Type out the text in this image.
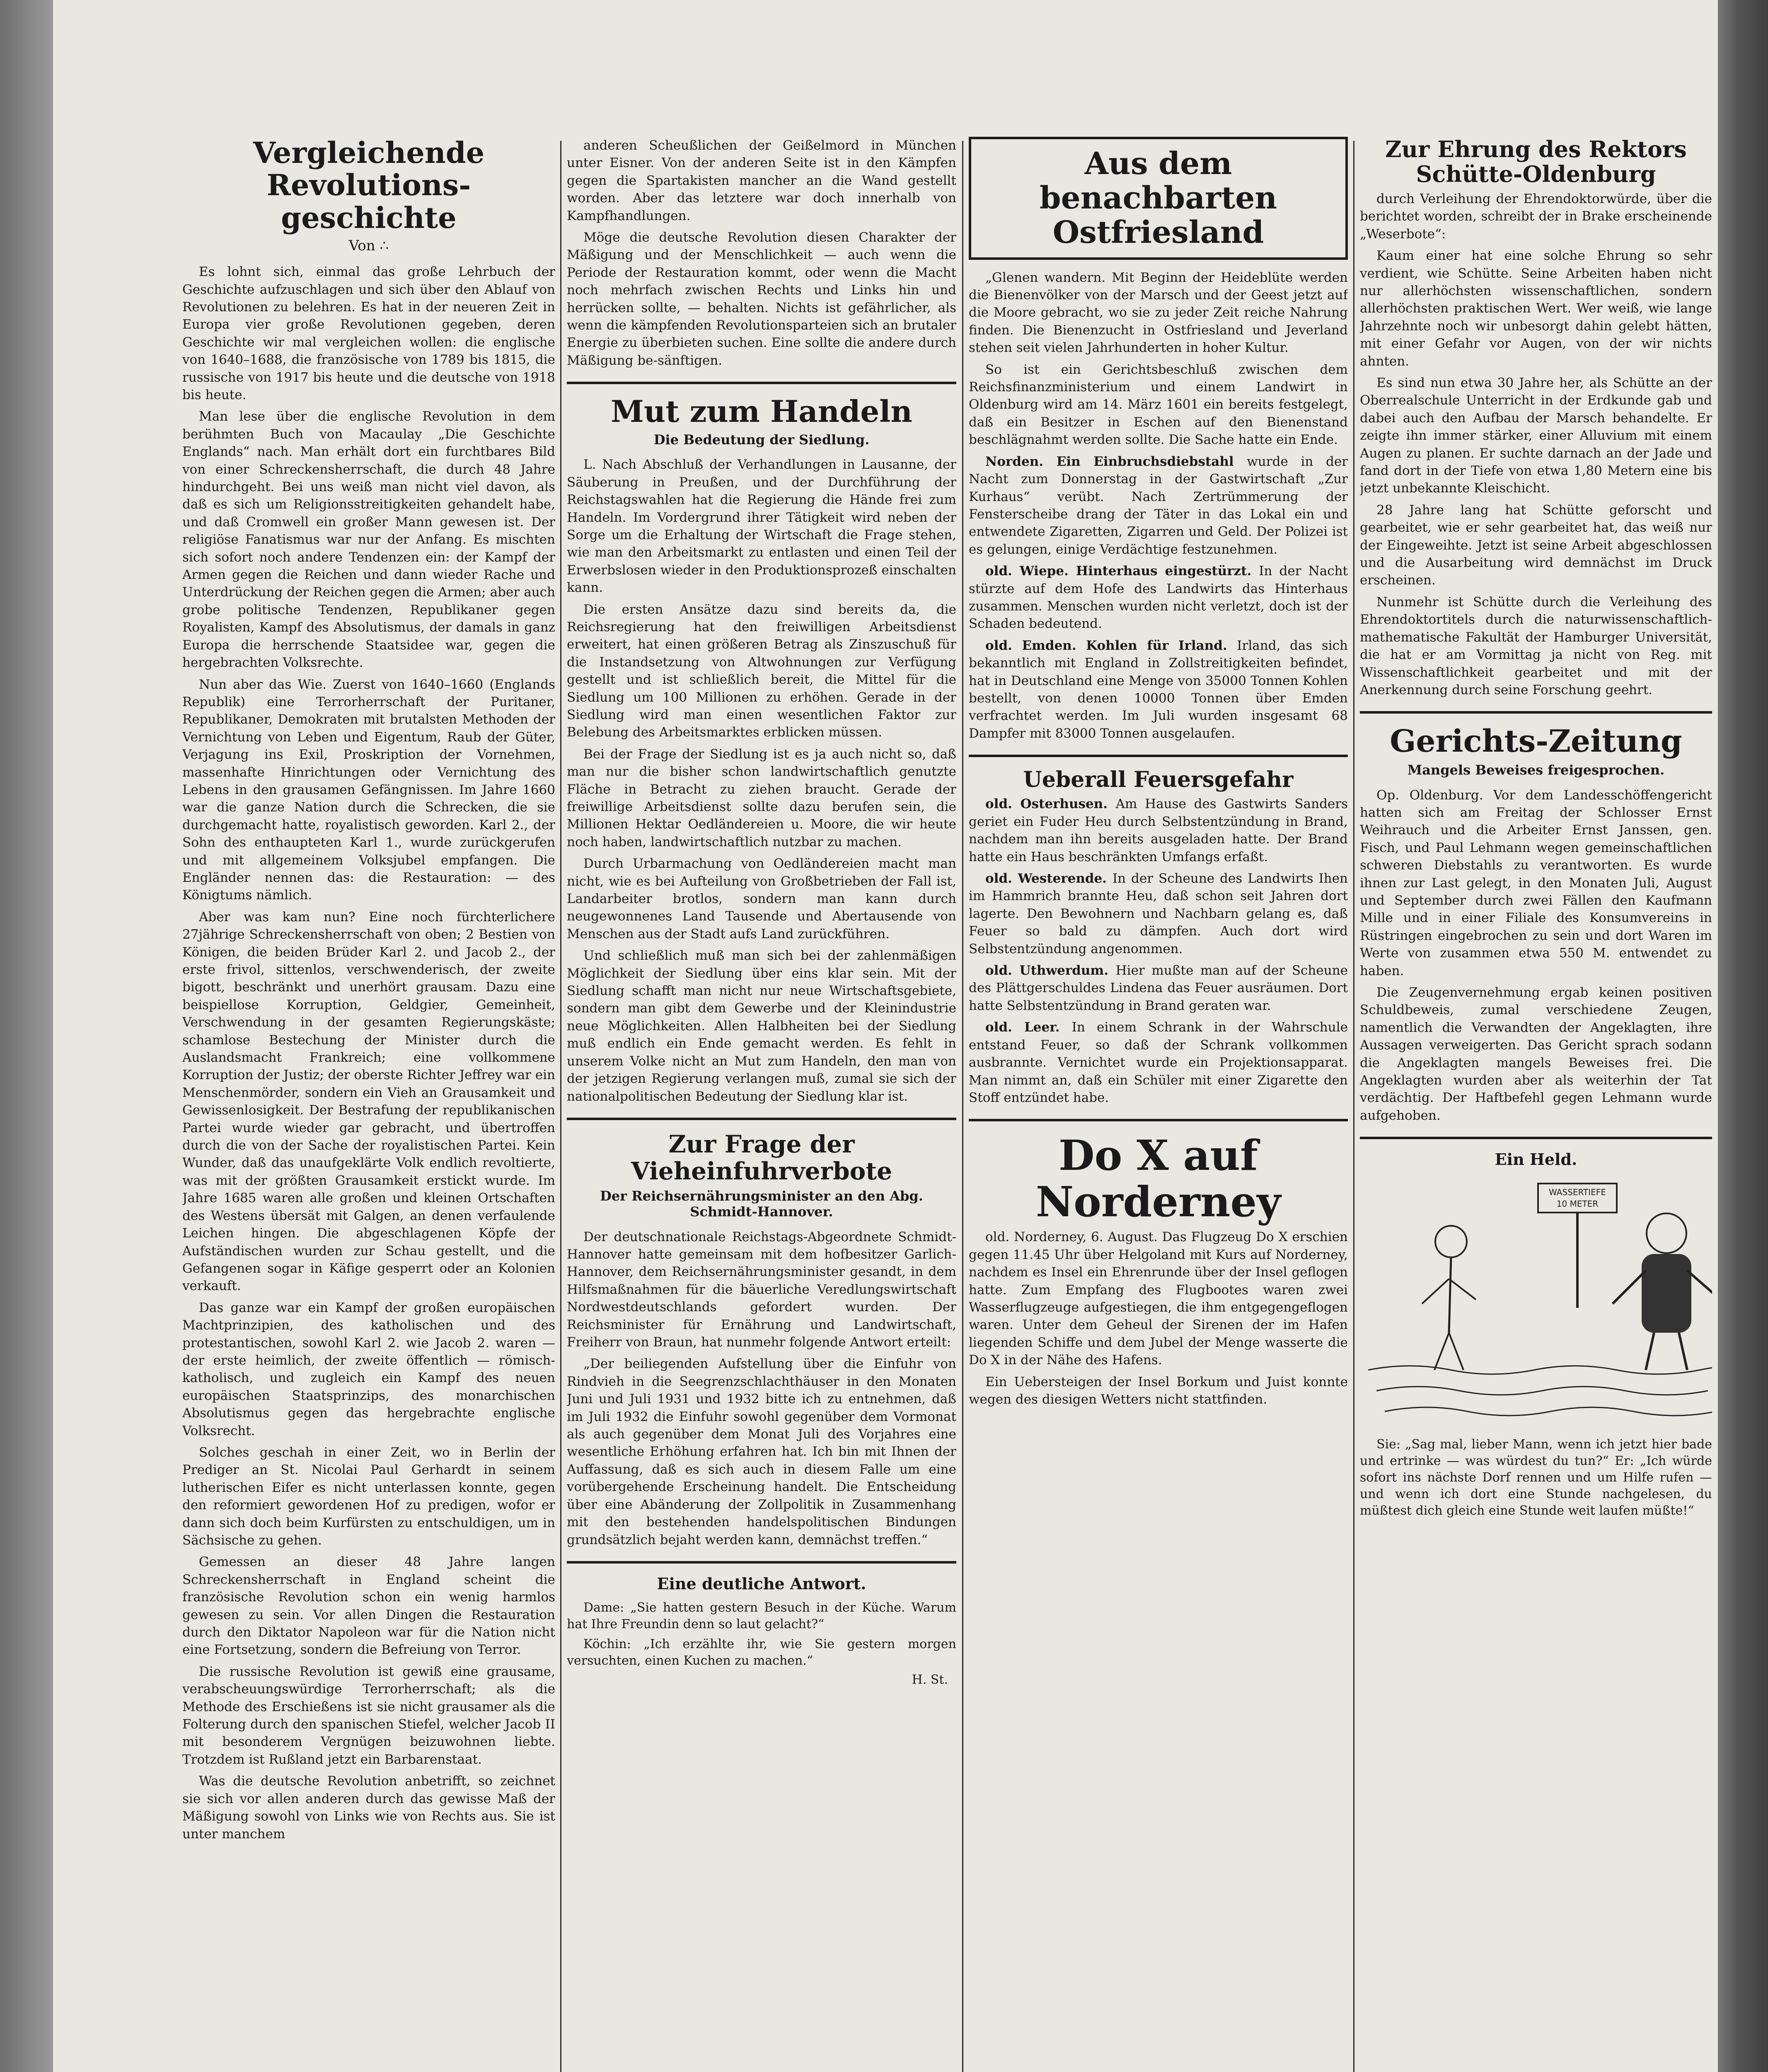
Vergleichende Revolutions-geschichte
Von ∴

Es lohnt sich, einmal das große Lehrbuch der Geschichte aufzuschlagen und sich über den Ablauf von Revolutionen zu belehren. Es hat in der neueren Zeit in Europa vier große Revolutionen gegeben, deren Geschichte wir mal vergleichen wollen: die englische von 1640–1688, die französische von 1789 bis 1815, die russische von 1917 bis heute und die deutsche von 1918 bis heute.

Man lese über die englische Revolution in dem berühmten Buch von Macaulay „Die Geschichte Englands“ nach. Man erhält dort ein furchtbares Bild von einer Schreckensherrschaft, die durch 48 Jahre hindurchgeht. Bei uns weiß man nicht viel davon, als daß es sich um Religionsstreitigkeiten gehandelt habe, und daß Cromwell ein großer Mann gewesen ist. Der religiöse Fanatismus war nur der Anfang. Es mischten sich sofort noch andere Tendenzen ein: der Kampf der Armen gegen die Reichen und dann wieder Rache und Unterdrückung der Reichen gegen die Armen; aber auch grobe politische Tendenzen, Republikaner gegen Royalisten, Kampf des Absolutismus, der damals in ganz Europa die herrschende Staatsidee war, gegen die hergebrachten Volksrechte.

Nun aber das Wie. Zuerst von 1640–1660 (Englands Republik) eine Terrorherrschaft der Puritaner, Republikaner, Demokraten mit brutalsten Methoden der Vernichtung von Leben und Eigentum, Raub der Güter, Verjagung ins Exil, Proskription der Vornehmen, massenhafte Hinrichtungen oder Vernichtung des Lebens in den grausamen Gefängnissen. Im Jahre 1660 war die ganze Nation durch die Schrecken, die sie durchgemacht hatte, royalistisch geworden. Karl 2., der Sohn des enthaupteten Karl 1., wurde zurückgerufen und mit allgemeinem Volksjubel empfangen. Die Engländer nennen das: die Restauration: — des Königtums nämlich.

Aber was kam nun? Eine noch fürchterlichere 27jährige Schreckensherrschaft von oben; 2 Bestien von Königen, die beiden Brüder Karl 2. und Jacob 2., der erste frivol, sittenlos, verschwenderisch, der zweite bigott, beschränkt und unerhört grausam. Dazu eine beispiellose Korruption, Geldgier, Gemeinheit, Verschwendung in der gesamten Regierungskäste; schamlose Bestechung der Minister durch die Auslandsmacht Frankreich; eine vollkommene Korruption der Justiz; der oberste Richter Jeffrey war ein Menschenmörder, sondern ein Vieh an Grausamkeit und Gewissenlosigkeit. Der Bestrafung der republikanischen Partei wurde wieder gar gebracht, und übertroffen durch die von der Sache der royalistischen Partei. Kein Wunder, daß das unaufgeklärte Volk endlich revoltierte, was mit der größten Grausamkeit erstickt wurde. Im Jahre 1685 waren alle großen und kleinen Ortschaften des Westens übersät mit Galgen, an denen verfaulende Leichen hingen. Die abgeschlagenen Köpfe der Aufständischen wurden zur Schau gestellt, und die Gefangenen sogar in Käfige gesperrt oder an Kolonien verkauft.

Das ganze war ein Kampf der großen europäischen Machtprinzipien, des katholischen und des protestantischen, sowohl Karl 2. wie Jacob 2. waren — der erste heimlich, der zweite öffentlich — römisch-katholisch, und zugleich ein Kampf des neuen europäischen Staatsprinzips, des monarchischen Absolutismus gegen das hergebrachte englische Volksrecht.

Solches geschah in einer Zeit, wo in Berlin der Prediger an St. Nicolai Paul Gerhardt in seinem lutherischen Eifer es nicht unterlassen konnte, gegen den reformiert gewordenen Hof zu predigen, wofor er dann sich doch beim Kurfürsten zu entschuldigen, um in Sächsische zu gehen.

Gemessen an dieser 48 Jahre langen Schreckensherrschaft in England scheint die französische Revolution schon ein wenig harmlos gewesen zu sein. Vor allen Dingen die Restauration durch den Diktator Napoleon war für die Nation nicht eine Fortsetzung, sondern die Befreiung von Terror.

Die russische Revolution ist gewiß eine grausame, verabscheuungswürdige Terrorherrschaft; als die Methode des Erschießens ist sie nicht grausamer als die Folterung durch den spanischen Stiefel, welcher Jacob II mit besonderem Vergnügen beizuwohnen liebte. Trotzdem ist Rußland jetzt ein Barbarenstaat.

Was die deutsche Revolution anbetrifft, so zeichnet sie sich vor allen anderen durch das gewisse Maß der Mäßigung sowohl von Links wie von Rechts aus. Sie ist unter manchem

anderen Scheußlichen der Geißelmord in München unter Eisner. Von der anderen Seite ist in den Kämpfen gegen die Spartakisten mancher an die Wand gestellt worden. Aber das letztere war doch innerhalb von Kampfhandlungen.

Möge die deutsche Revolution diesen Charakter der Mäßigung und der Menschlichkeit — auch wenn die Periode der Restauration kommt, oder wenn die Macht noch mehrfach zwischen Rechts und Links hin und herrücken sollte, — behalten. Nichts ist gefährlicher, als wenn die kämpfenden Revolutionsparteien sich an brutaler Energie zu überbieten suchen. Eine sollte die andere durch Mäßigung be-sänftigen.

Mut zum Handeln
Die Bedeutung der Siedlung.

L. Nach Abschluß der Verhandlungen in Lausanne, der Säuberung in Preußen, und der Durchführung der Reichstagswahlen hat die Regierung die Hände frei zum Handeln. Im Vordergrund ihrer Tätigkeit wird neben der Sorge um die Erhaltung der Wirtschaft die Frage stehen, wie man den Arbeitsmarkt zu entlasten und einen Teil der Erwerbslosen wieder in den Produktionsprozeß einschalten kann.

Die ersten Ansätze dazu sind bereits da, die Reichsregierung hat den freiwilligen Arbeitsdienst erweitert, hat einen größeren Betrag als Zinszuschuß für die Instandsetzung von Altwohnungen zur Verfügung gestellt und ist schließlich bereit, die Mittel für die Siedlung um 100 Millionen zu erhöhen. Gerade in der Siedlung wird man einen wesentlichen Faktor zur Belebung des Arbeitsmarktes erblicken müssen.

Bei der Frage der Siedlung ist es ja auch nicht so, daß man nur die bisher schon landwirtschaftlich genutzte Fläche in Betracht zu ziehen braucht. Gerade der freiwillige Arbeitsdienst sollte dazu berufen sein, die Millionen Hektar Oedländereien u. Moore, die wir heute noch haben, landwirtschaftlich nutzbar zu machen.

Durch Urbarmachung von Oedländereien macht man nicht, wie es bei Aufteilung von Großbetrieben der Fall ist, Landarbeiter brotlos, sondern man kann durch neugewonnenes Land Tausende und Abertausende von Menschen aus der Stadt aufs Land zurückführen.

Und schließlich muß man sich bei der zahlenmäßigen Möglichkeit der Siedlung über eins klar sein. Mit der Siedlung schafft man nicht nur neue Wirtschaftsgebiete, sondern man gibt dem Gewerbe und der Kleinindustrie neue Möglichkeiten. Allen Halbheiten bei der Siedlung muß endlich ein Ende gemacht werden. Es fehlt in unserem Volke nicht an Mut zum Handeln, den man von der jetzigen Regierung verlangen muß, zumal sie sich der nationalpolitischen Bedeutung der Siedlung klar ist.

Zur Frage der Vieheinfuhrverbote
Der Reichsernährungsminister an den Abg. Schmidt-Hannover.

Der deutschnationale Reichstags-Abgeordnete Schmidt-Hannover hatte gemeinsam mit dem hofbesitzer Garlich-Hannover, dem Reichsernährungsminister gesandt, in dem Hilfsmaßnahmen für die bäuerliche Veredlungswirtschaft Nordwestdeutschlands gefordert wurden. Der Reichsminister für Ernährung und Landwirtschaft, Freiherr von Braun, hat nunmehr folgende Antwort erteilt:

„Der beiliegenden Aufstellung über die Einfuhr von Rindvieh in die Seegrenzschlachthäuser in den Monaten Juni und Juli 1931 und 1932 bitte ich zu entnehmen, daß im Juli 1932 die Einfuhr sowohl gegenüber dem Vormonat als auch gegenüber dem Monat Juli des Vorjahres eine wesentliche Erhöhung erfahren hat. Ich bin mit Ihnen der Auffassung, daß es sich auch in diesem Falle um eine vorübergehende Erscheinung handelt. Die Entscheidung über eine Abänderung der Zollpolitik in Zusammenhang mit den bestehenden handelspolitischen Bindungen grundsätzlich bejaht werden kann, demnächst treffen.“

Eine deutliche Antwort.

Dame: „Sie hatten gestern Besuch in der Küche. Warum hat Ihre Freundin denn so laut gelacht?“

Köchin: „Ich erzählte ihr, wie Sie gestern morgen versuchten, einen Kuchen zu machen.“

H. St.
Aus dem benachbarten Ostfriesland

„Glenen wandern. Mit Beginn der Heideblüte werden die Bienenvölker von der Marsch und der Geest jetzt auf die Moore gebracht, wo sie zu jeder Zeit reiche Nahrung finden. Die Bienenzucht in Ostfriesland und Jeverland stehen seit vielen Jahrhunderten in hoher Kultur.

So ist ein Gerichtsbeschluß zwischen dem Reichsfinanzministerium und einem Landwirt in Oldenburg wird am 14. März 1601 ein bereits festgelegt, daß ein Besitzer in Eschen auf den Bienenstand beschlägnahmt werden sollte. Die Sache hatte ein Ende.

Norden. Ein Einbruchsdiebstahl wurde in der Nacht zum Donnerstag in der Gastwirtschaft „Zur Kurhaus“ verübt. Nach Zertrümmerung der Fensterscheibe drang der Täter in das Lokal ein und entwendete Zigaretten, Zigarren und Geld. Der Polizei ist es gelungen, einige Verdächtige festzunehmen.

old. Wiepe. Hinterhaus eingestürzt. In der Nacht stürzte auf dem Hofe des Landwirts das Hinterhaus zusammen. Menschen wurden nicht verletzt, doch ist der Schaden bedeutend.

old. Emden. Kohlen für Irland. Irland, das sich bekanntlich mit England in Zollstreitigkeiten befindet, hat in Deutschland eine Menge von 35000 Tonnen Kohlen bestellt, von denen 10000 Tonnen über Emden verfrachtet werden. Im Juli wurden insgesamt 68 Dampfer mit 83000 Tonnen ausgelaufen.

Ueberall Feuersgefahr

old. Osterhusen. Am Hause des Gastwirts Sanders geriet ein Fuder Heu durch Selbstentzündung in Brand, nachdem man ihn bereits ausgeladen hatte. Der Brand hatte ein Haus beschränkten Umfangs erfaßt.

old. Westerende. In der Scheune des Landwirts Ihen im Hammrich brannte Heu, daß schon seit Jahren dort lagerte. Den Bewohnern und Nachbarn gelang es, daß Feuer so bald zu dämpfen. Auch dort wird Selbstentzündung angenommen.

old. Uthwerdum. Hier mußte man auf der Scheune des Plättgerschuldes Lindena das Feuer ausräumen. Dort hatte Selbstentzündung in Brand geraten war.

old. Leer. In einem Schrank in der Wahrschule entstand Feuer, so daß der Schrank vollkommen ausbrannte. Vernichtet wurde ein Projektionsapparat. Man nimmt an, daß ein Schüler mit einer Zigarette den Stoff entzündet habe.

Do X auf Norderney

old. Norderney, 6. August. Das Flugzeug Do X erschien gegen 11.45 Uhr über Helgoland mit Kurs auf Norderney, nachdem es Insel ein Ehrenrunde über der Insel geflogen hatte. Zum Empfang des Flugbootes waren zwei Wasserflugzeuge aufgestiegen, die ihm entgegengeflogen waren. Unter dem Geheul der Sirenen der im Hafen liegenden Schiffe und dem Jubel der Menge wasserte die Do X in der Nähe des Hafens.

Ein Uebersteigen der Insel Borkum und Juist konnte wegen des diesigen Wetters nicht stattfinden.

Zur Ehrung des Rektors Schütte-Oldenburg

durch Verleihung der Ehrendoktorwürde, über die berichtet worden, schreibt der in Brake erscheinende „Weserbote“:

Kaum einer hat eine solche Ehrung so sehr verdient, wie Schütte. Seine Arbeiten haben nicht nur allerhöchsten wissenschaftlichen, sondern allerhöchsten praktischen Wert. Wer weiß, wie lange Jahrzehnte noch wir unbesorgt dahin gelebt hätten, mit einer Gefahr vor Augen, von der wir nichts ahnten.

Es sind nun etwa 30 Jahre her, als Schütte an der Oberrealschule Unterricht in der Erdkunde gab und dabei auch den Aufbau der Marsch behandelte. Er zeigte ihn immer stärker, einer Alluvium mit einem Augen zu planen. Er suchte darnach an der Jade und fand dort in der Tiefe von etwa 1,80 Metern eine bis jetzt unbekannte Kleischicht.

28 Jahre lang hat Schütte geforscht und gearbeitet, wie er sehr gearbeitet hat, das weiß nur der Eingeweihte. Jetzt ist seine Arbeit abgeschlossen und die Ausarbeitung wird demnächst im Druck erscheinen.

Nunmehr ist Schütte durch die Verleihung des Ehrendoktortitels durch die naturwissenschaftlich-mathematische Fakultät der Hamburger Universität, die hat er am Vormittag ja nicht von Reg. mit Wissenschaftlichkeit gearbeitet und mit der Anerkennung durch seine Forschung geehrt.

Gerichts-Zeitung
Mangels Beweises freigesprochen.

Op. Oldenburg. Vor dem Landesschöffengericht hatten sich am Freitag der Schlosser Ernst Weihrauch und die Arbeiter Ernst Janssen, gen. Fisch, und Paul Lehmann wegen gemeinschaftlichen schweren Diebstahls zu verantworten. Es wurde ihnen zur Last gelegt, in den Monaten Juli, August und September durch zwei Fällen den Kaufmann Mille und in einer Filiale des Konsumvereins in Rüstringen eingebrochen zu sein und dort Waren im Werte von zusammen etwa 550 M. entwendet zu haben.

Die Zeugenvernehmung ergab keinen positiven Schuldbeweis, zumal verschiedene Zeugen, namentlich die Verwandten der Angeklagten, ihre Aussagen verweigerten. Das Gericht sprach sodann die Angeklagten mangels Beweises frei. Die Angeklagten wurden aber als weiterhin der Tat verdächtig. Der Haftbefehl gegen Lehmann wurde aufgehoben.

Ein Held.
WASSERTIEFE
10 METER
Sie: „Sag mal, lieber Mann, wenn ich jetzt hier bade und ertrinke — was würdest du tun?“ Er: „Ich würde sofort ins nächste Dorf rennen und um Hilfe rufen — und wenn ich dort eine Stunde nachgelesen, du müßtest dich gleich eine Stunde weit laufen müßte!“
